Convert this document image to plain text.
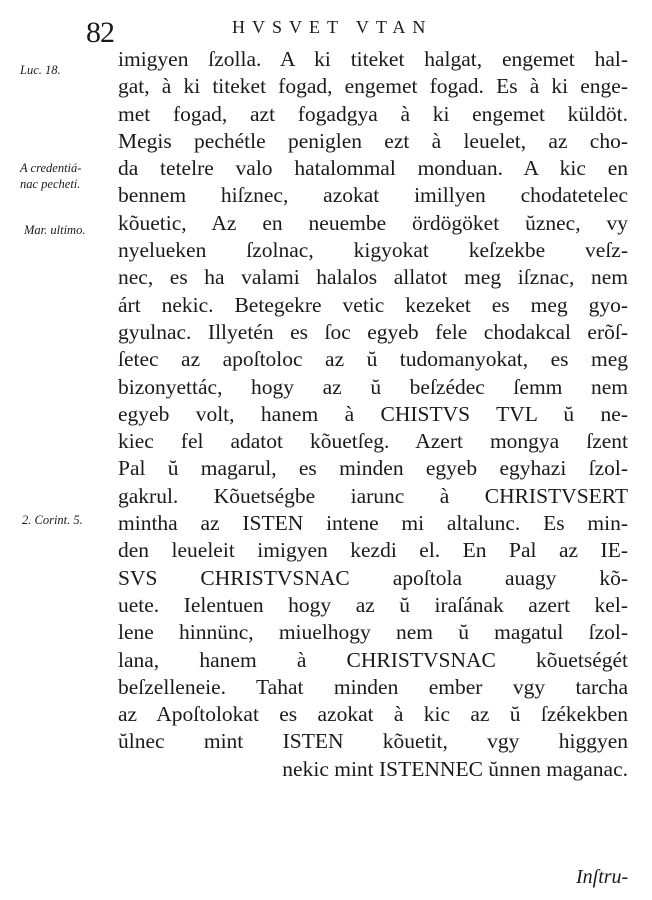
82	HVSVET VTAN
Luc. 18.
A credentiá-
nac pecheti.
Mar. ultimo.
2. Corint. 5.
imigyen ſzolla. A ki titeket halgat, engemet hal-
gat, à ki titeket fogad, engemet fogad. Es à ki enge-
met fogad, azt fogadgya à ki engemet küldöt.
Megis pechétle peniglen ezt à leuelet, az cho-
da tetelre valo hatalommal monduan. A kic en
bennem hiſznec, azokat imillyen chodatetelec
kõuetic, Az en neuembe ördögöket ŭznec, vy
nyelueken ſzolnac, kigyokat keſzekbe veſz-
nec, es ha valami halalos allatot meg iſznac, nem
árt nekic. Betegekre vetic kezeket es meg gyo-
gyulnac. Illyetén es ſoc egyeb fele chodakcal erõſ-
ſetec az apoſtoloc az ŭ tudomanyokat, es meg
bizonyettác, hogy az ŭ beſzédec ſemm nem
egyeb volt, hanem à CHISTVS TVL ŭ ne-
kiec fel adatot kõuetſeg. Azert mongya ſzent
Pal ŭ magarul, es minden egyeb egyhazi ſzol-
gakrul. Kõuetségbe iarunc à CHRISTVSERT
mintha az ISTEN intene mi altalunc. Es min-
den leueleit imigyen kezdi el. En Pal az IE-
SVS CHRISTVSNAC apoſtola auagy kõ-
uete. Ielentuen hogy az ŭ iraſának azert kel-
lene hinnünc, miuelhogy nem ŭ magatul ſzol-
lana, hanem à CHRISTVSNAC kõuetségét
beſzelleneie. Tahat minden ember vgy tarcha
az Apoſtolokat es azokat à kic az ŭ ſzékekben
ŭlnec mint ISTEN kõuetit, vgy higgyen
nekic mint ISTENNEC ŭnnen maganac.
Inſtru-
